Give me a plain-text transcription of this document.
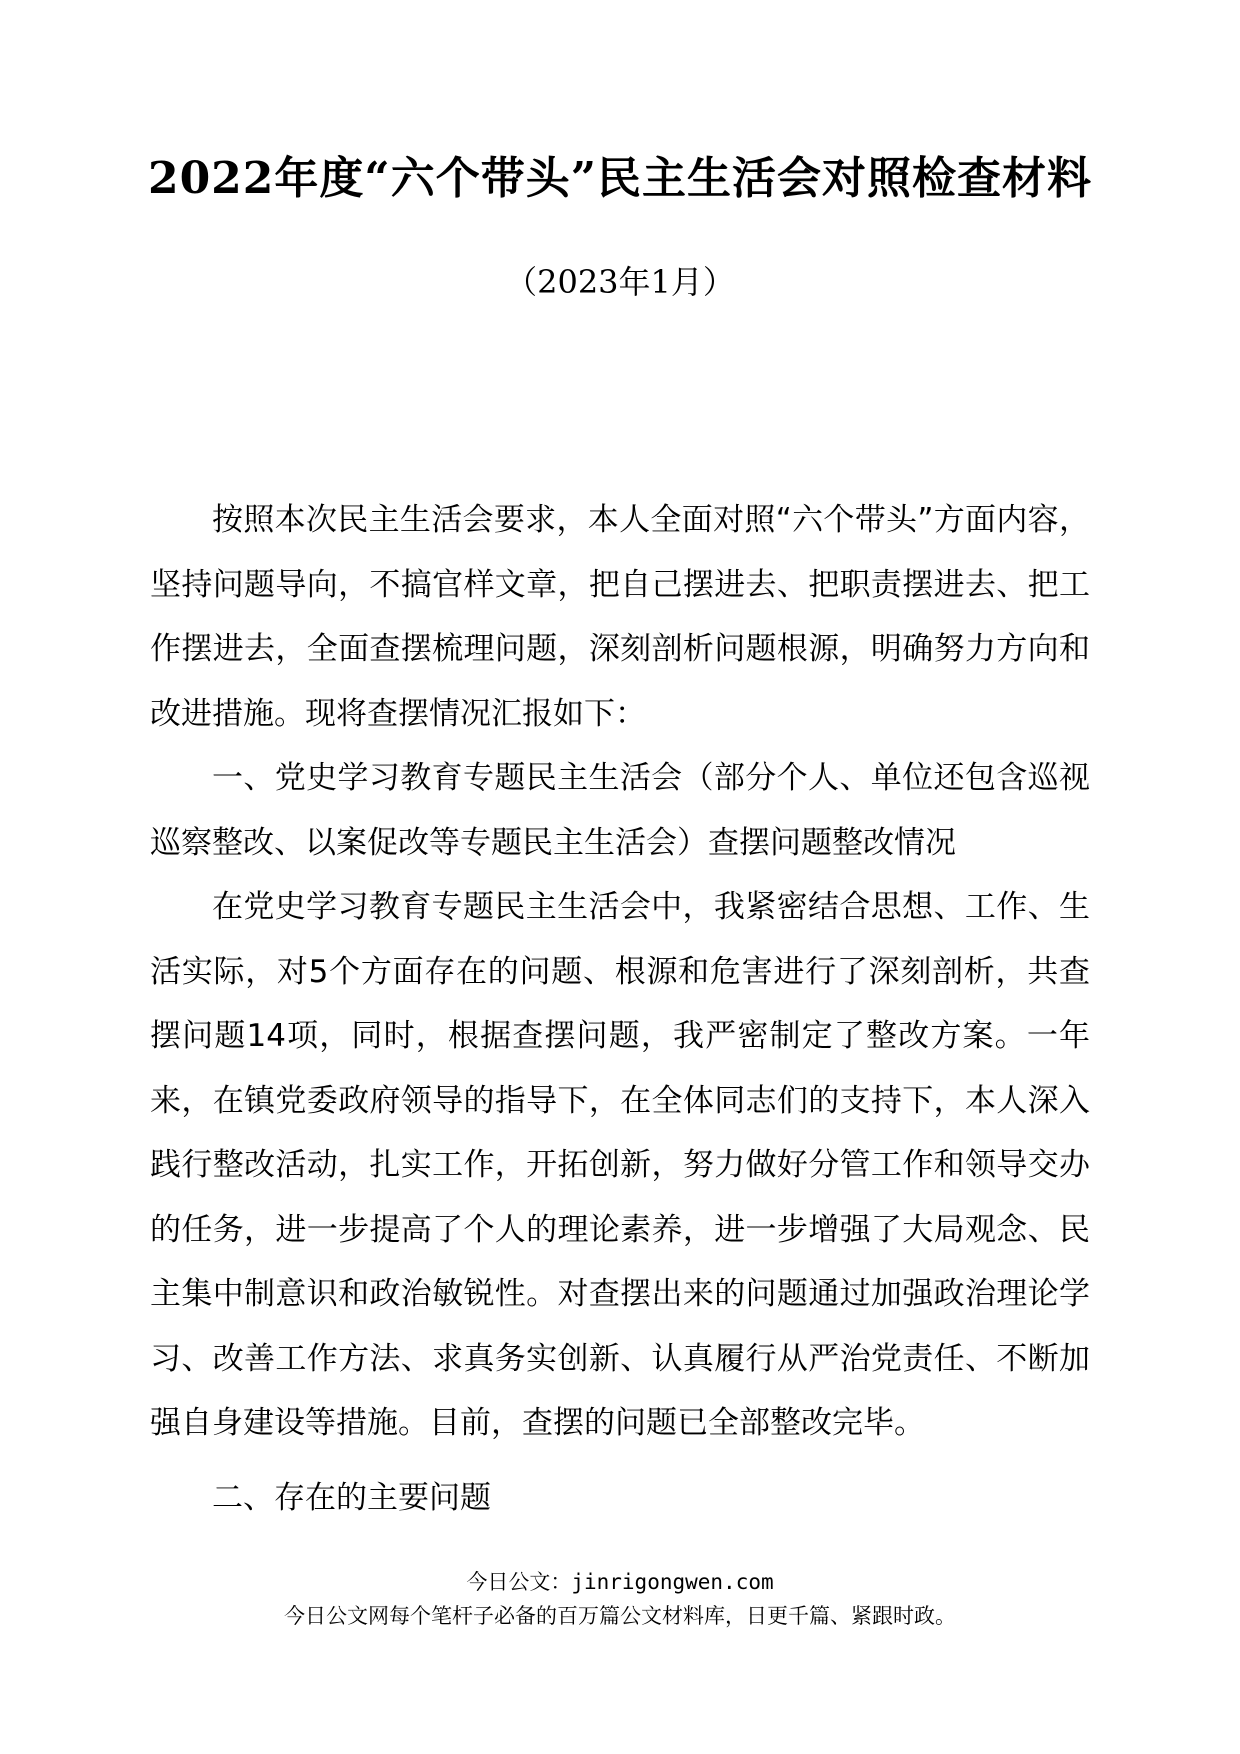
2022年度“六个带头”民主生活会对照检查材料
（2023年1月）

按照本次民主生活会要求，本人全面对照“六个带头”方面内容，坚持问题导向，不搞官样文章，把自己摆进去、把职责摆进去、把工作摆进去，全面查摆梳理问题，深刻剖析问题根源，明确努力方向和改进措施。现将查摆情况汇报如下：

一、党史学习教育专题民主生活会（部分个人、单位还包含巡视巡察整改、以案促改等专题民主生活会）查摆问题整改情况

在党史学习教育专题民主生活会中，我紧密结合思想、工作、生活实际，对5个方面存在的问题、根源和危害进行了深刻剖析，共查摆问题14项，同时，根据查摆问题，我严密制定了整改方案。一年来，在镇党委政府领导的指导下，在全体同志们的支持下，本人深入践行整改活动，扎实工作，开拓创新，努力做好分管工作和领导交办的任务，进一步提高了个人的理论素养，进一步增强了大局观念、民主集中制意识和政治敏锐性。对查摆出来的问题通过加强政治理论学习、改善工作方法、求真务实创新、认真履行从严治党责任、不断加强自身建设等措施。目前，查摆的问题已全部整改完毕。

二、存在的主要问题

今日公文：jinrigongwen.com
今日公文网每个笔杆子必备的百万篇公文材料库，日更千篇、紧跟时政。
